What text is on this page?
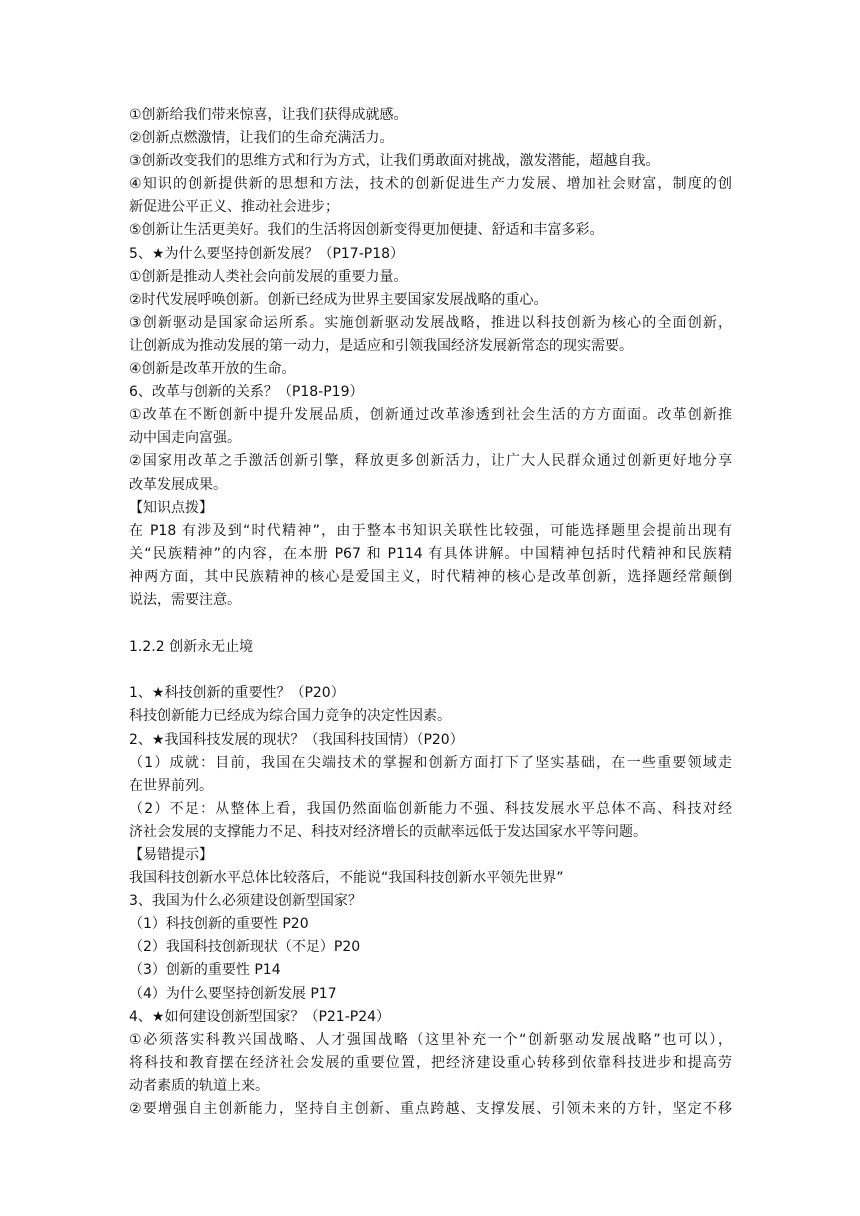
①创新给我们带来惊喜，让我们获得成就感。
②创新点燃激情，让我们的生命充满活力。
③创新改变我们的思维方式和行为方式，让我们勇敢面对挑战，激发潜能，超越自我。
④知识的创新提供新的思想和方法，技术的创新促进生产力发展、增加社会财富，制度的创
新促进公平正义、推动社会进步；
⑤创新让生活更美好。我们的生活将因创新变得更加便捷、舒适和丰富多彩。
5、★为什么要坚持创新发展？（P17-P18）
①创新是推动人类社会向前发展的重要力量。
②时代发展呼唤创新。创新已经成为世界主要国家发展战略的重心。
③创新驱动是国家命运所系。实施创新驱动发展战略，推进以科技创新为核心的全面创新，
让创新成为推动发展的第一动力，是适应和引领我国经济发展新常态的现实需要。
④创新是改革开放的生命。
6、改革与创新的关系？（P18-P19）
①改革在不断创新中提升发展品质，创新通过改革渗透到社会生活的方方面面。改革创新推
动中国走向富强。
②国家用改革之手激活创新引擎，释放更多创新活力，让广大人民群众通过创新更好地分享
改革发展成果。
【知识点拨】
在 P18 有涉及到“时代精神”，由于整本书知识关联性比较强，可能选择题里会提前出现有
关“民族精神”的内容，在本册 P67 和 P114 有具体讲解。中国精神包括时代精神和民族精
神两方面，其中民族精神的核心是爱国主义，时代精神的核心是改革创新，选择题经常颠倒
说法，需要注意。
1.2.2 创新永无止境
1、★科技创新的重要性？（P20）
科技创新能力已经成为综合国力竞争的决定性因素。
2、★我国科技发展的现状？（我国科技国情）（P20）
（1）成就：目前，我国在尖端技术的掌握和创新方面打下了坚实基础，在一些重要领域走
在世界前列。
（2）不足：从整体上看，我国仍然面临创新能力不强、科技发展水平总体不高、科技对经
济社会发展的支撑能力不足、科技对经济增长的贡献率远低于发达国家水平等问题。
【易错提示】
我国科技创新水平总体比较落后，不能说“我国科技创新水平领先世界”
3、我国为什么必须建设创新型国家？
（1）科技创新的重要性 P20
（2）我国科技创新现状（不足）P20
（3）创新的重要性 P14
（4）为什么要坚持创新发展 P17
4、★如何建设创新型国家？（P21-P24）
①必须落实科教兴国战略、人才强国战略（这里补充一个“创新驱动发展战略”也可以），
将科技和教育摆在经济社会发展的重要位置，把经济建设重心转移到依靠科技进步和提高劳
动者素质的轨道上来。
②要增强自主创新能力，坚持自主创新、重点跨越、支撑发展、引领未来的方针，坚定不移
